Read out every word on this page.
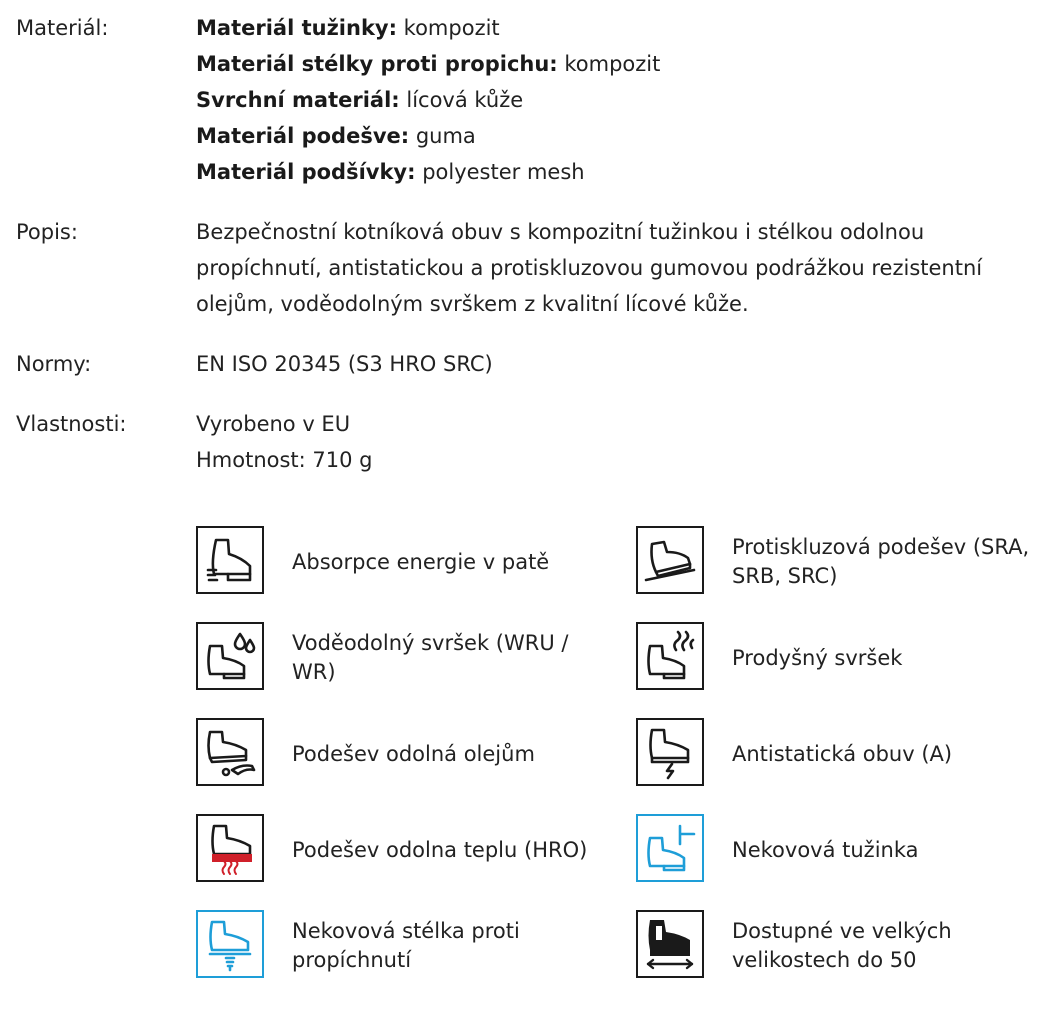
Materiál:	Materiál tužinky: kompozit
Materiál stélky proti propichu: kompozit
Svrchní materiál: lícová kůže
Materiál podešve: guma
Materiál podšívky: polyester mesh
Popis:	Bezpečnostní kotníková obuv s kompozitní tužinkou i stélkou odolnou
propíchnutí, antistatickou a protiskluzovou gumovou podrážkou rezistentní
olejům, voděodolným svrškem z kvalitní lícové kůže.
Normy:	EN ISO 20345 (S3 HRO SRC)
Vlastnosti:	Vyrobeno v EU
Hmotnost: 710 g
Absorpce energie v patě
Protiskluzová podešev (SRA, SRB, SRC)
Voděodolný svršek (WRU / WR)
Prodyšný svršek
Podešev odolná olejům	Antistatická obuv (A)
Podešev odolna teplu (HRO)	Nekovová tužinka
Nekovová stélka proti propíchnutí
Dostupné ve velkých velikostech do 50
